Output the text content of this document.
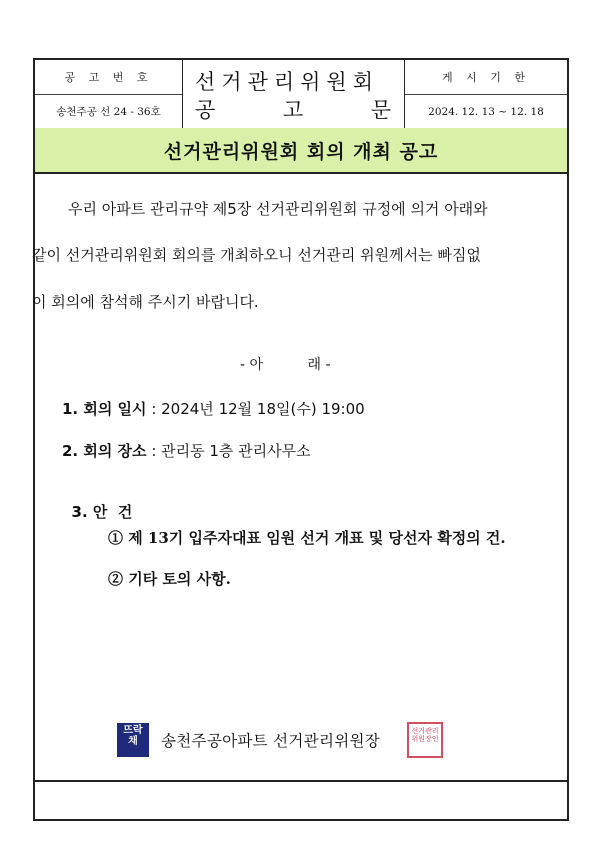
공 고 번 호
송천주공 선 24 - 36호
선거관리위원회
공	고	문
게 시 기 한
2024. 12. 13 ~ 12. 18
선거관리위원회 회의 개최 공고
우리 아파트 관리규약 제5장 선거관리위원회 규정에 의거 아래와
같이 선거관리위원회 회의를 개최하오니 선거관리 위원께서는 빠짐없
이 회의에 참석해 주시기 바랍니다.
- 아          래 -
1. 회의 일시 : 2024년 12월 18일(수) 19:00
2. 회의 장소 : 관리동 1층 관리사무소

3. 안  건

① 제 13기 입주자대표 임원 선거 개표 및 당선자 확정의 건.
② 기타 토의 사항.
뜨락채	송천주공아파트 선거관리위원장
선거관리위원장인
